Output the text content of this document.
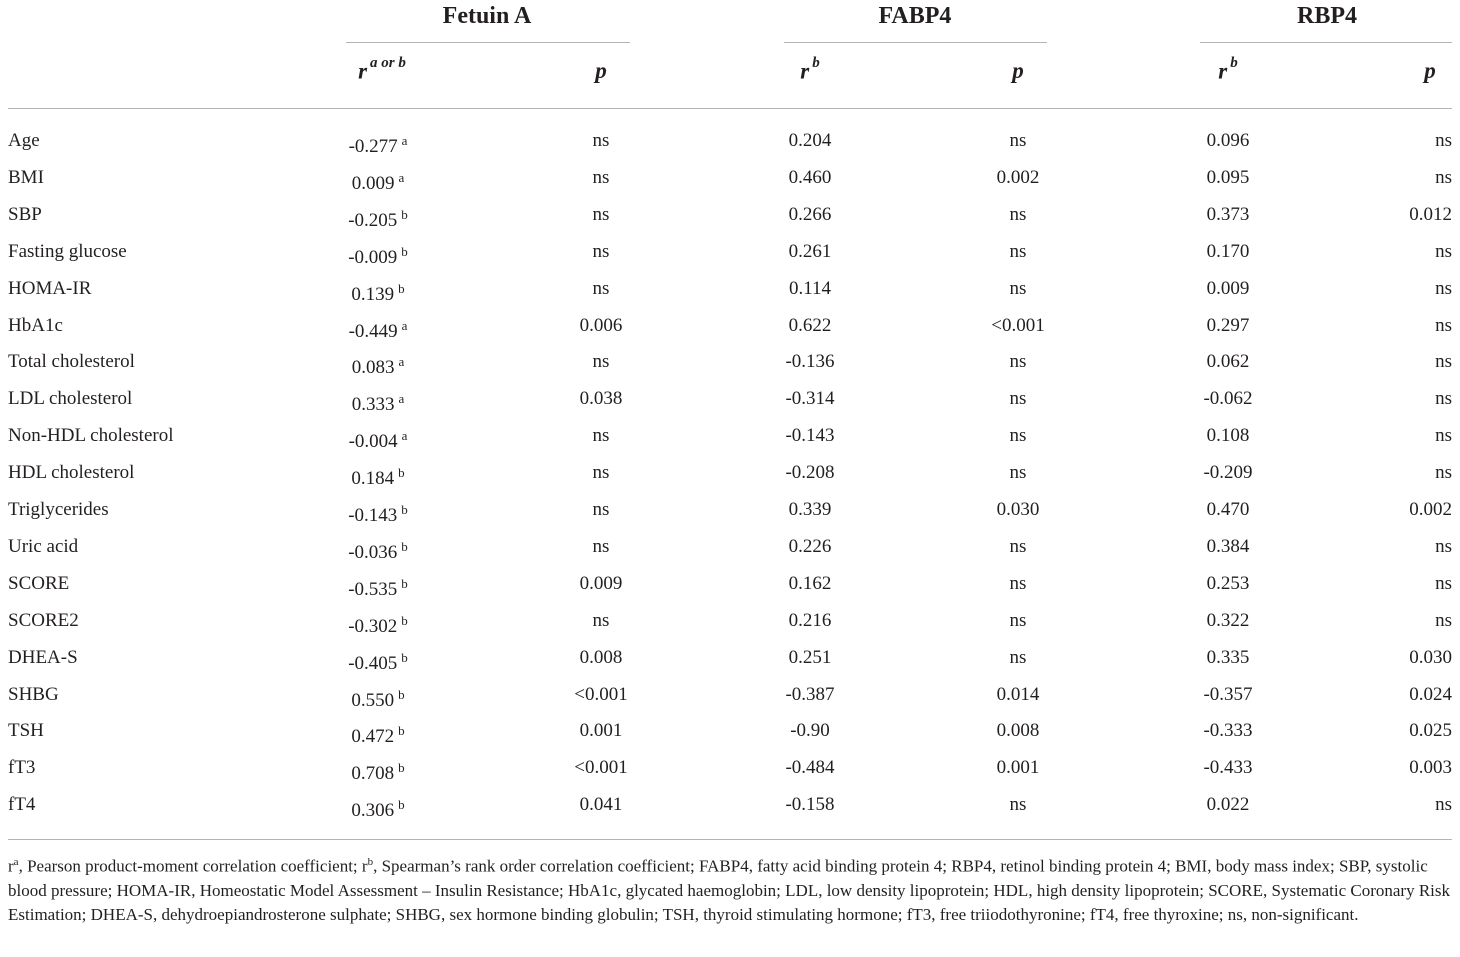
Fetuin A	FABP4	RBP4
r $^{a or b}$	p	r $^b$	p	r $^b$	p
Age	-0.277 $^a$	ns	0.204	ns	0.096	ns
BMI	0.009 $^a$	ns	0.460	0.002	0.095	ns
SBP	-0.205 $^b$	ns	0.266	ns	0.373	0.012
Fasting glucose	-0.009 $^b$	ns	0.261	ns	0.170	ns
HOMA-IR	0.139 $^b$	ns	0.114	ns	0.009	ns
HbA1c	-0.449 $^a$	0.006	0.622	<0.001	0.297	ns
Total cholesterol	0.083 $^a$	ns	-0.136	ns	0.062	ns
LDL cholesterol	0.333 $^a$	0.038	-0.314	ns	-0.062	ns
Non-HDL cholesterol	-0.004 $^a$	ns	-0.143	ns	0.108	ns
HDL cholesterol	0.184 $^b$	ns	-0.208	ns	-0.209	ns
Triglycerides	-0.143 $^b$	ns	0.339	0.030	0.470	0.002
Uric acid	-0.036 $^b$	ns	0.226	ns	0.384	ns
SCORE	-0.535 $^b$	0.009	0.162	ns	0.253	ns
SCORE2	-0.302 $^b$	ns	0.216	ns	0.322	ns
DHEA-S	-0.405 $^b$	0.008	0.251	ns	0.335	0.030
SHBG	0.550 $^b$	<0.001	-0.387	0.014	-0.357	0.024
TSH	0.472 $^b$	0.001	-0.90	0.008	-0.333	0.025
fT3	0.708 $^b$	<0.001	-0.484	0.001	-0.433	0.003
fT4	0.306 $^b$	0.041	-0.158	ns	0.022	ns

$r^a$, Pearson product-moment correlation coefficient; $r^b$, Spearman’s rank order correlation coefficient; FABP4, fatty acid binding protein 4; RBP4, retinol binding protein 4; BMI, body mass index; SBP, systolic blood pressure; HOMA-IR, Homeostatic Model Assessment – Insulin Resistance; HbA1c, glycated haemoglobin; LDL, low density lipoprotein; HDL, high density lipoprotein; SCORE, Systematic Coronary Risk Estimation; DHEA-S, dehydroepiandrosterone sulphate; SHBG, sex hormone binding globulin; TSH, thyroid stimulating hormone; fT3, free triiodothyronine; fT4, free thyroxine; ns, non-significant.
